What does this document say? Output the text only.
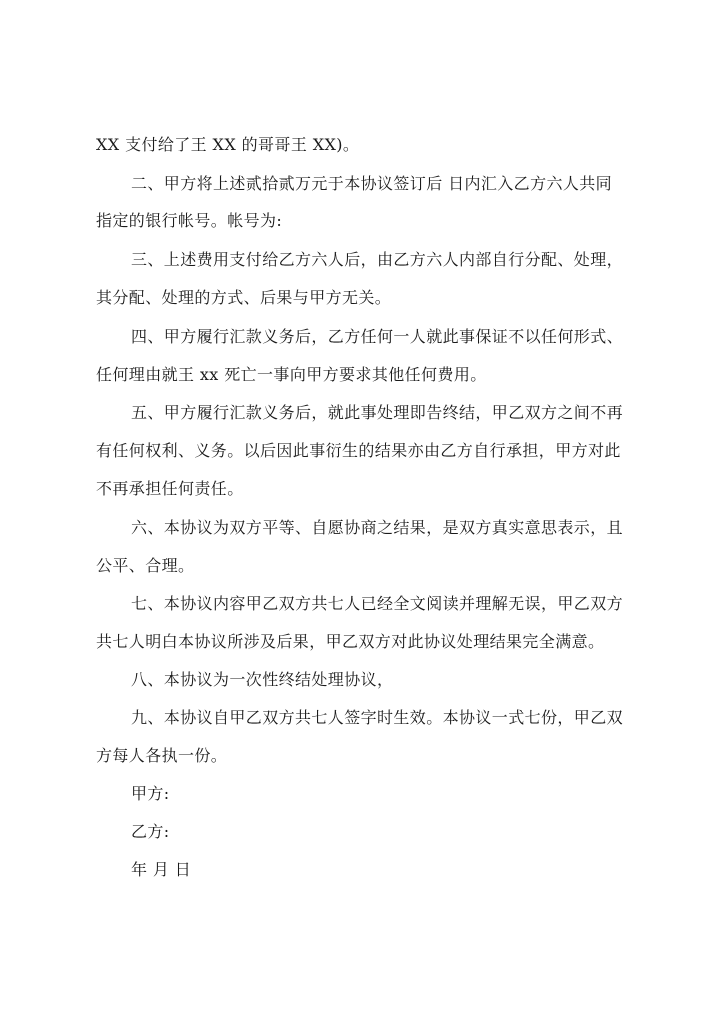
XX 支付给了王 XX 的哥哥王 XX)。
二、甲方将上述贰拾贰万元于本协议签订后 日内汇入乙方六人共同
指定的银行帐号。帐号为:
三、上述费用支付给乙方六人后，由乙方六人内部自行分配、处理，
其分配、处理的方式、后果与甲方无关。
四、甲方履行汇款义务后，乙方任何一人就此事保证不以任何形式、
任何理由就王 xx 死亡一事向甲方要求其他任何费用。
五、甲方履行汇款义务后，就此事处理即告终结，甲乙双方之间不再
有任何权利、义务。以后因此事衍生的结果亦由乙方自行承担，甲方对此
不再承担任何责任。
六、本协议为双方平等、自愿协商之结果，是双方真实意思表示，且
公平、合理。
七、本协议内容甲乙双方共七人已经全文阅读并理解无误，甲乙双方
共七人明白本协议所涉及后果，甲乙双方对此协议处理结果完全满意。
八、本协议为一次性终结处理协议，
九、本协议自甲乙双方共七人签字时生效。本协议一式七份，甲乙双
方每人各执一份。
甲方:
乙方:
年 月 日
